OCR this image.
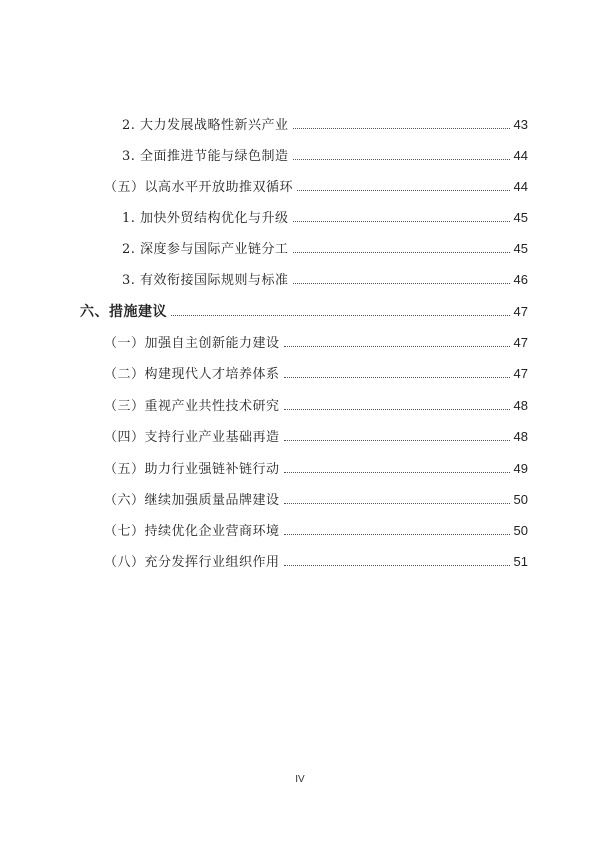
2. 大力发展战略性新兴产业	43
3. 全面推进节能与绿色制造	44
（五）以高水平开放助推双循环	44
1. 加快外贸结构优化与升级	45
2. 深度参与国际产业链分工	45
3. 有效衔接国际规则与标准	46
六、措施建议	47
（一）加强自主创新能力建设	47
（二）构建现代人才培养体系	47
（三）重视产业共性技术研究	48
（四）支持行业产业基础再造	48
（五）助力行业强链补链行动	49
（六）继续加强质量品牌建设	50
（七）持续优化企业营商环境	50
（八）充分发挥行业组织作用	51
IV
